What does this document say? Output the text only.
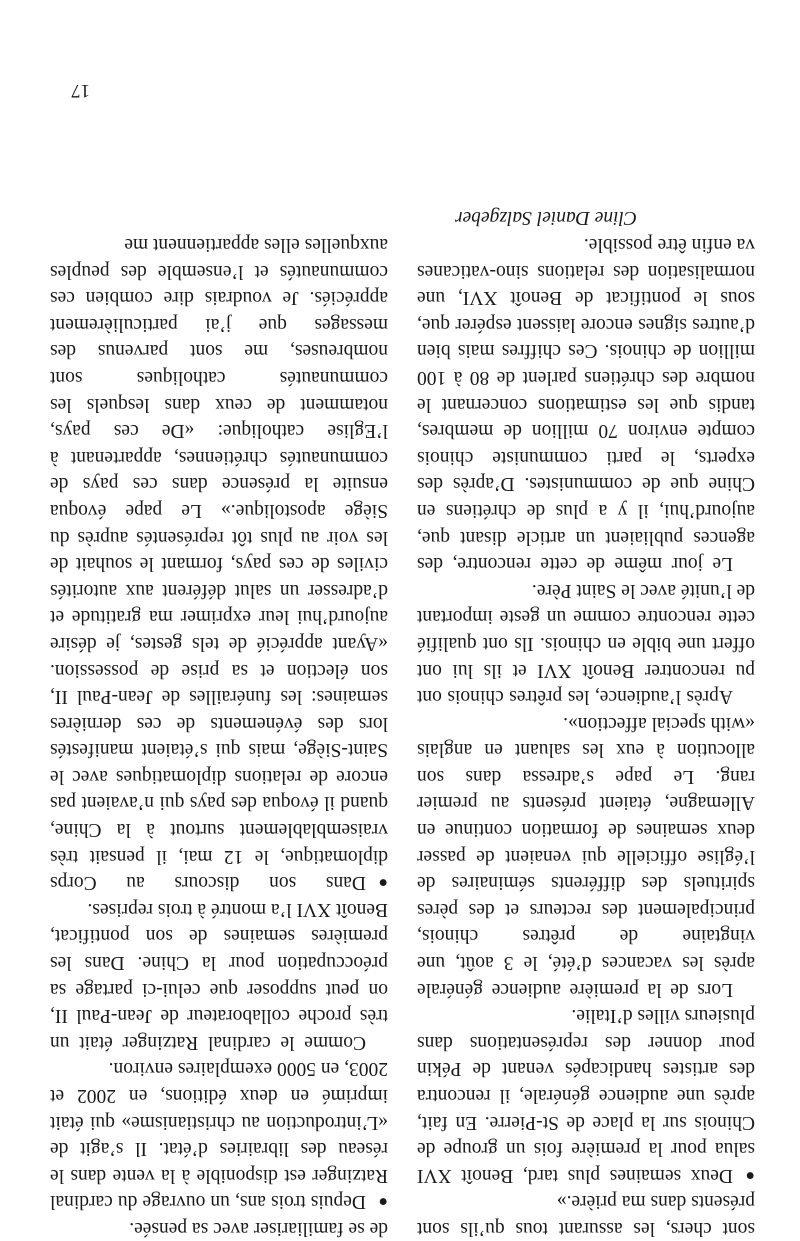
sont chers, les assurant tous qu’ils sont présents dans ma prière.»

●
Deux semaines plus tard, Benoît XVI salua pour la première fois un groupe de Chinois sur la place de St-Pierre. En fait, après une audience générale, il rencontra des artistes handicapés venant de Pékin pour donner des représentations dans plusieurs villes d’Italie.

Lors de la première audience générale après les vacances d’été, le 3 août, une vingtaine de prêtres chinois, principalement des recteurs et des pères spirituels des différents séminaires de l’église officielle qui venaient de passer deux semaines de formation continue en Allemagne, étaient présents au premier rang. Le pape s’adressa dans son allocution à eux les saluant en anglais «with special affection».

Après l’audience, les prêtres chinois ont pu rencontrer Benoît XVI et ils lui ont offert une bible en chinois. Ils ont qualifié cette rencontre comme un geste important de l’unité avec le Saint Père.

Le jour même de cette rencontre, des agences publiaient un article disant que, aujourd’hui, il y a plus de chrétiens en Chine que de communistes. D’après des experts, le parti communiste chinois compte environ 70 million de membres, tandis que les estimations concernant le nombre des chrétiens parlent de 80 à 100 million de chinois. Ces chiffres mais bien d’autres signes encore laissent espérer que, sous le pontificat de Benoît XVI, une normalisation des relations sino-vaticanes va enfin être possible.

Cline Daniel Salzgeber

de se familiariser avec sa pensée.

●
Depuis trois ans, un ouvrage du cardinal Ratzinger est disponible à la vente dans le réseau des librairies d’état. Il s’agit de «L’introduction au christianisme» qui était imprimé en deux éditions, en 2002 et 2003, en 5000 exemplaires environ.

Comme le cardinal Ratzinger était un très proche collaborateur de Jean-Paul II, on peut supposer que celui-ci partage sa préoccupation pour la Chine. Dans les premières semaines de son pontificat, Benoît XVI l’a montré à trois reprises.

●
Dans son discours au Corps diplomatique, le 12 mai, il pensait très vraisemblablement surtout à la Chine, quand il évoqua des pays qui n’avaient pas encore de relations diplomatiques avec le Saint-Siège, mais qui s’étaient manifestés lors des événements de ces dernières semaines: les funérailles de Jean-Paul II, son élection et sa prise de possession. «Ayant apprécié de tels gestes, je désire aujourd’hui leur exprimer ma gratitude et d’adresser un salut déférent aux autorités civiles de ces pays, formant le souhait de les voir au plus tôt représentés auprès du Siège apostolique.» Le pape évoqua ensuite la présence dans ces pays de communautés chrétiennes, appartenant à l’Eglise catholique: «De ces pays, notamment de ceux dans lesquels les communautés catholiques sont nombreuses, me sont parvenus des messages que j’ai particulièrement appréciés. Je voudrais dire combien ces communautés et l’ensemble des peuples auxquelles elles appartiennent me

17
